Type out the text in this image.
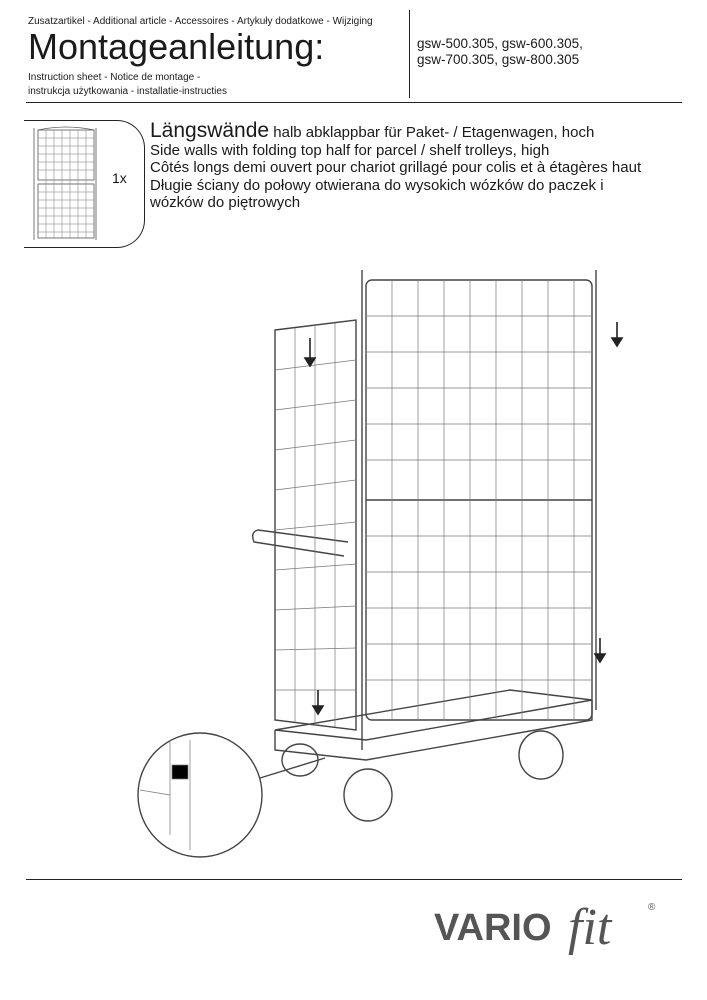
Zusatzartikel - Additional article - Accessoires - Artykuły dodatkowe - Wijziging
Montageanleitung:
Instruction sheet - Notice de montage -
instrukcja użytkowania - installatie-instructies
gsw-500.305, gsw-600.305,
gsw-700.305, gsw-800.305
1x
Längswände halb abklappbar für Paket- / Etagenwagen, hoch
Side walls with folding top half for parcel / shelf trolleys, high
Côtés longs demi ouvert pour chariot grillagé pour colis et à étagères haut
Długie ściany do połowy otwierana do wysokich wózków do paczek i
wózków do piętrowych
VARIO fit	®
